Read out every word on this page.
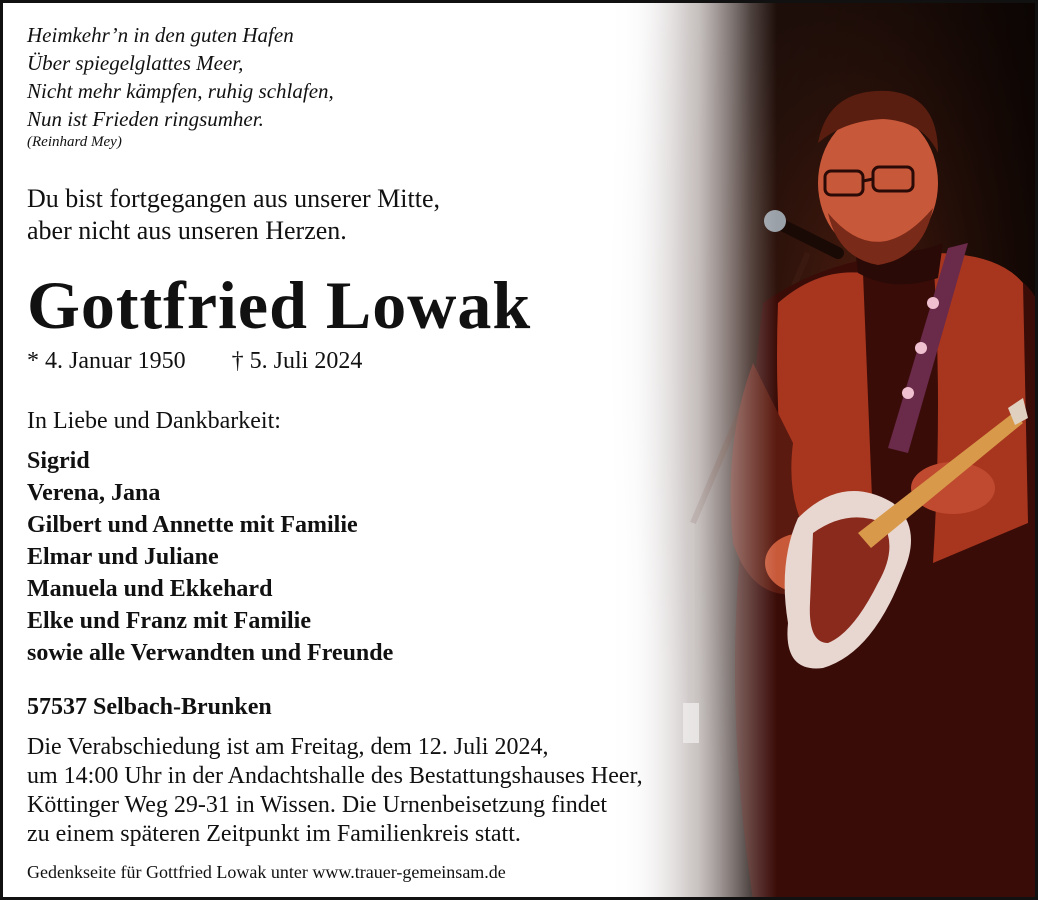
Heimkehr’n in den guten Hafen
Über spiegelglattes Meer,
Nicht mehr kämpfen, ruhig schlafen,
Nun ist Frieden ringsumher.
(Reinhard Mey)
Du bist fortgegangen aus unserer Mitte,
aber nicht aus unseren Herzen.
Gottfried Lowak
* 4. Januar 1950 † 5. Juli 2024
In Liebe und Dankbarkeit:
Sigrid
Verena, Jana
Gilbert und Annette mit Familie
Elmar und Juliane
Manuela und Ekkehard
Elke und Franz mit Familie
sowie alle Verwandten und Freunde
57537 Selbach-Brunken
Die Verabschiedung ist am Freitag, dem 12. Juli 2024,
um 14:00 Uhr in der Andachtshalle des Bestattungshauses Heer,
Köttinger Weg 29-31 in Wissen. Die Urnenbeisetzung findet
zu einem späteren Zeitpunkt im Familienkreis statt.
Gedenkseite für Gottfried Lowak unter www.trauer-gemeinsam.de
